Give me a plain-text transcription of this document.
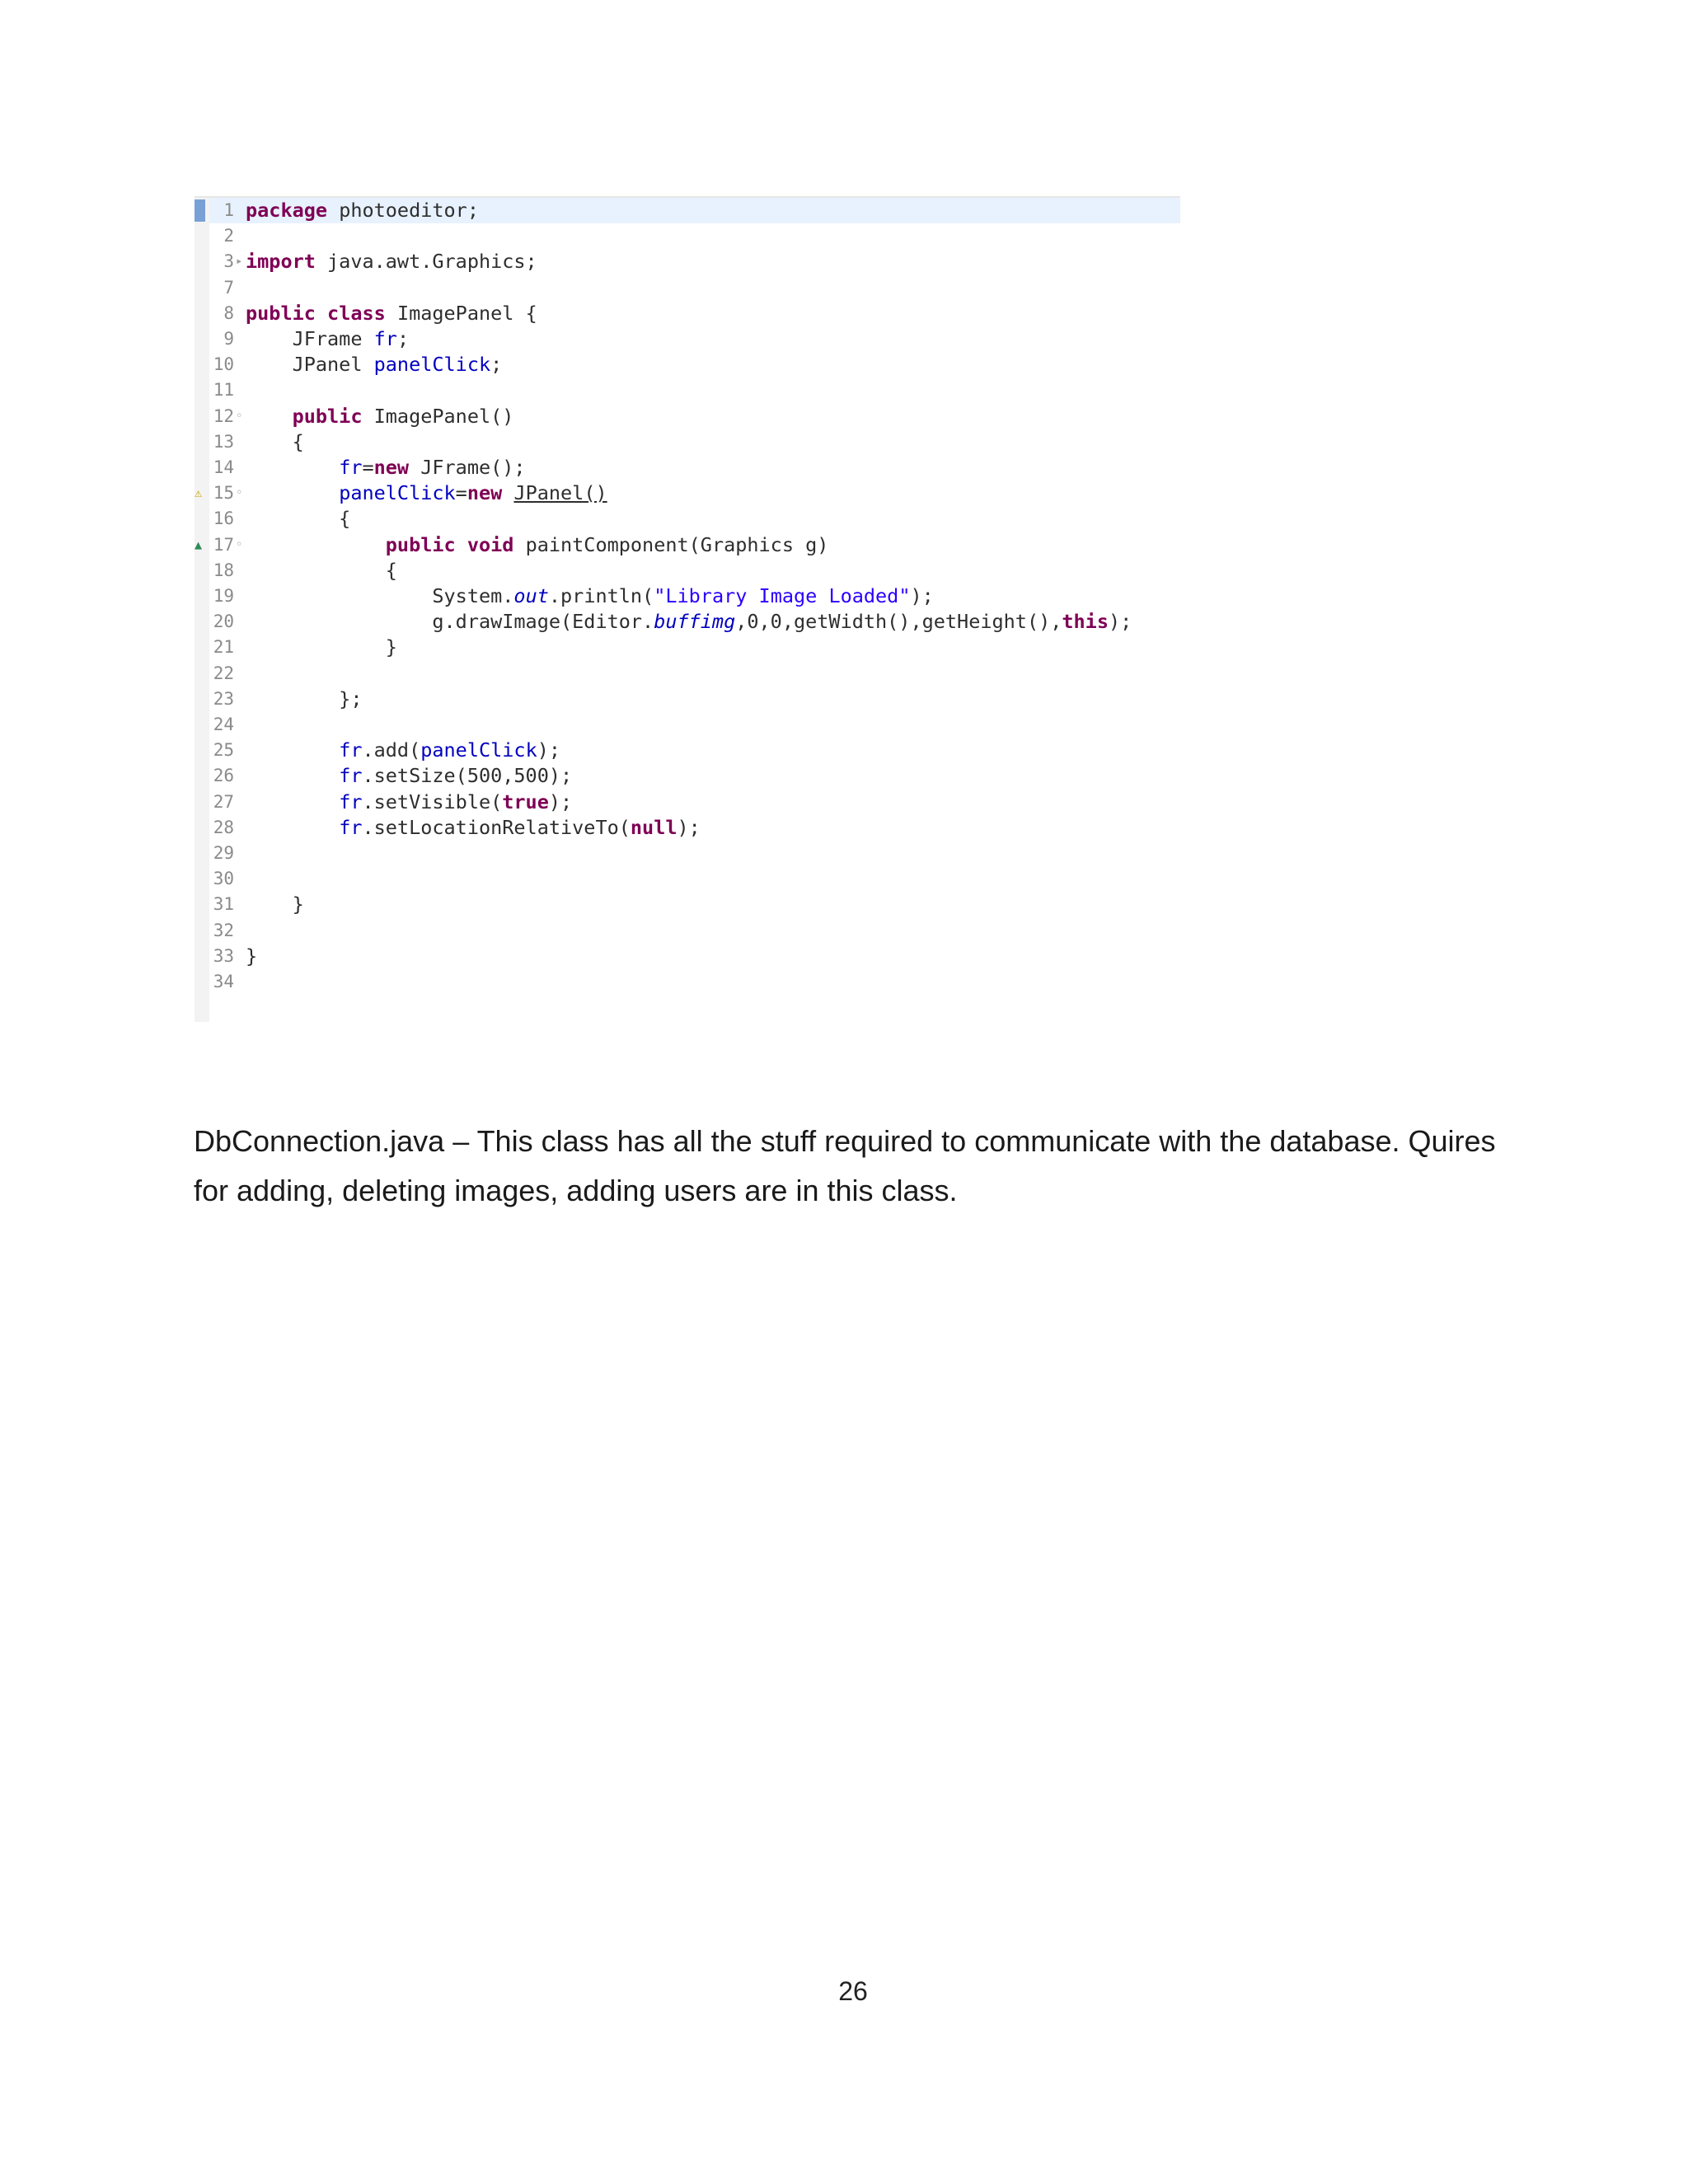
1 package photoeditor;
2
3 ▸ import java.awt.Graphics;
7
8 public class ImagePanel {
9 JFrame fr;
10 JPanel panelClick;
11
12 ◦	public ImagePanel()
13 {
14	fr=new JFrame();
15
⚠	◦	panelClick=new JPanel()
16 {
17
▲	◦	public void paintComponent(Graphics g)
18 {
19 System.out.println("Library Image Loaded");
20 g.drawImage(Editor.buffimg,0,0,getWidth(),getHeight(),this);
21 }
22
23 };
24
25	fr.add(panelClick);
26	fr.setSize(500,500);
27	fr.setVisible(true);
28	fr.setLocationRelativeTo(null);
29
30
31 }
32
33 }
34
DbConnection.java – This class has all the stuff required to communicate with the database. Quires
for adding, deleting images, adding users are in this class.
26
